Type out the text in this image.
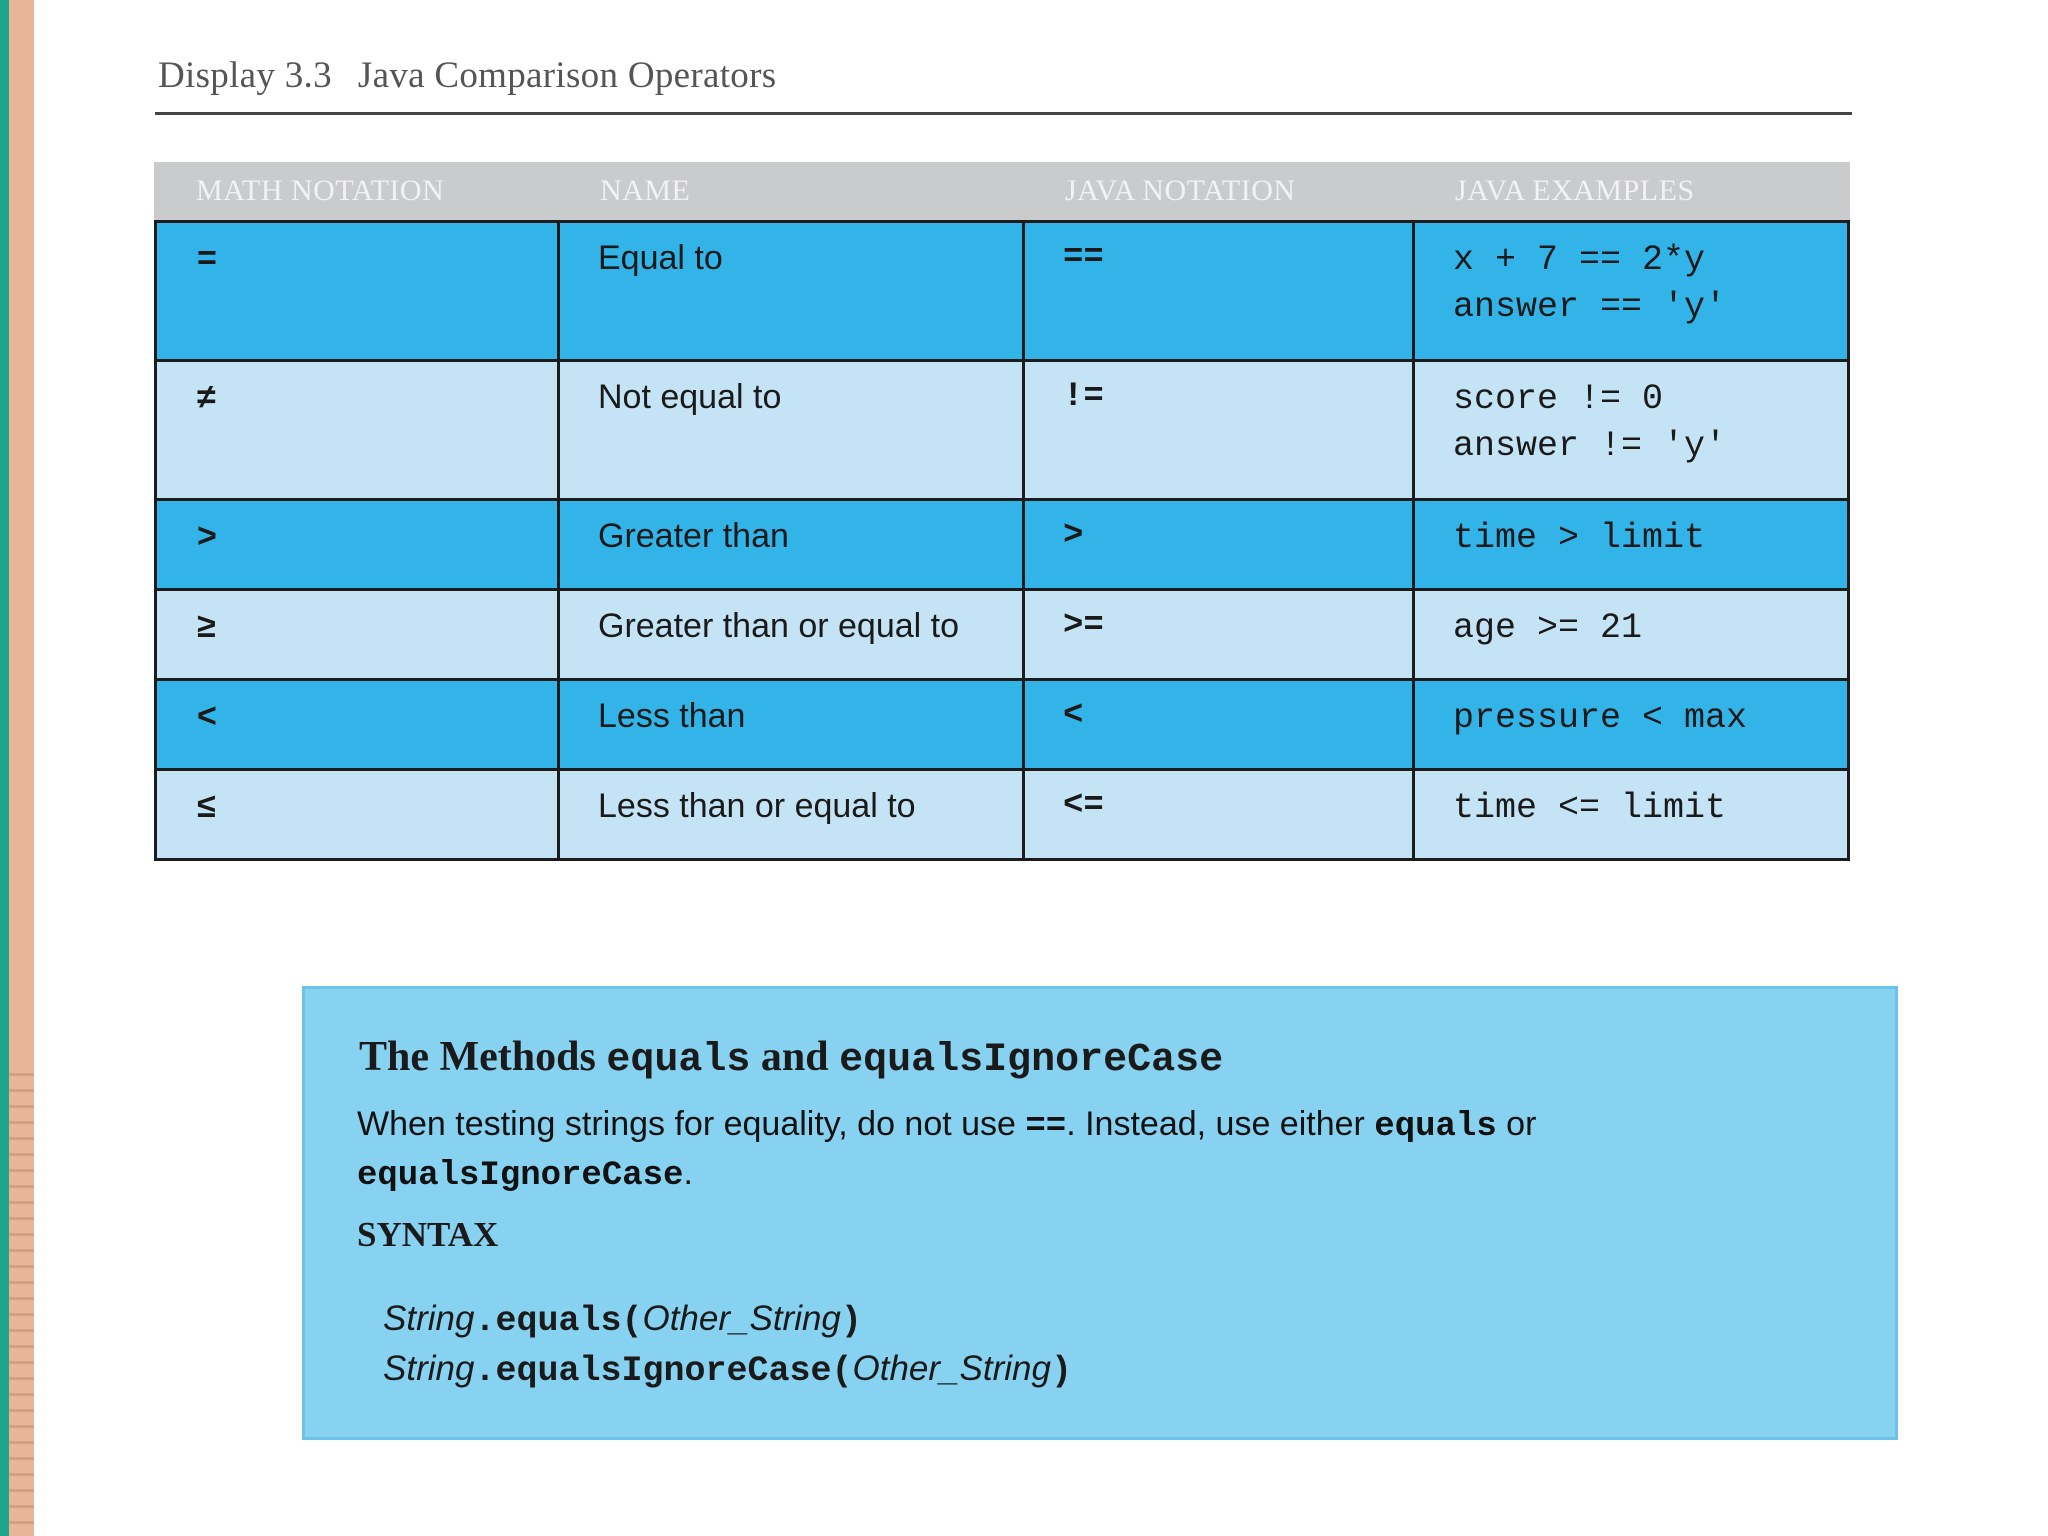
Display 3.3 Java Comparison Operators
MATH NOTATION	NAME	JAVA NOTATION	JAVA EXAMPLES
=	Equal to	==	x + 7 == 2*y
answer == 'y'
≠	Not equal to	!=	score != 0
answer != 'y'
>	Greater than	>	time > limit
≥	Greater than or equal to	>=	age >= 21
<	Less than	<	pressure < max
≤	Less than or equal to	<=	time <= limit
The Methods equals and equalsIgnoreCase
When testing strings for equality, do not use ==. Instead, use either equals or
equalsIgnoreCase.
SYNTAX
String.equals(Other_String)
String.equalsIgnoreCase(Other_String)
